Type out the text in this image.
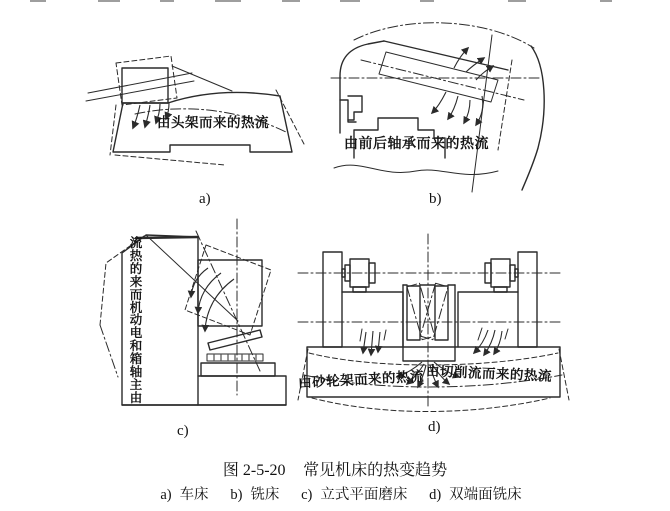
由头架而来的热流
a)
由前后轴承而来的热流
b)
由
主
轴
箱
和
电
动
机
而
来
的
热
流
c)
由砂轮架而来的热流 由切削流而来的热流
d)
图 2-5-20 常见机床的热变趋势
a) 车床 b) 铣床 c) 立式平面磨床 d) 双端面铣床
